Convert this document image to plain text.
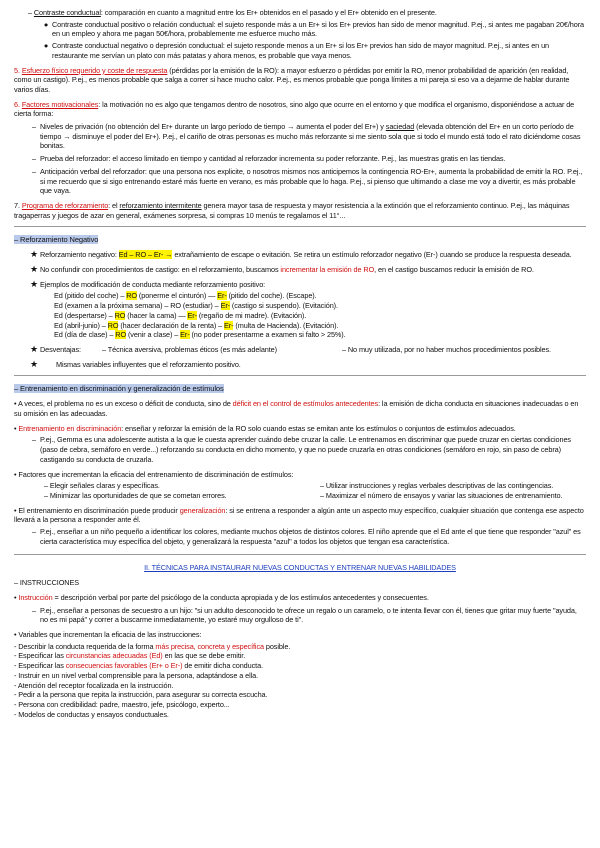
– Contraste conductual: comparación en cuanto a magnitud entre los Er+ obtenidos en el pasado y el Er+ obtenido en el presente.

● Contraste conductual positivo o relación conductual: el sujeto responde más a un Er+ si los Er+ previos han sido de menor magnitud. P.ej., si antes me pagaban 20€/hora en un empleo y ahora me pagan 50€/hora, probablemente me esfuerce mucho más.
● Contraste conductual negativo o depresión conductual: el sujeto responde menos a un Er+ si los Er+ previos han sido de mayor magnitud. P.ej., si antes en un restaurante me servían un plato con más patatas y ahora menos, es probable que vaya menos.

5. Esfuerzo físico requerido y coste de respuesta (pérdidas por la emisión de la RO): a mayor esfuerzo o pérdidas por emitir la RO, menor probabilidad de aparición (en realidad, como un castigo). P.ej., es menos probable que salga a correr si hace mucho calor. P.ej., es menos probable que ponga límites a mi pareja si eso va a dejarme de hablar durante varios días.

6. Factores motivacionales: la motivación no es algo que tengamos dentro de nosotros, sino algo que ocurre en el entorno y que modifica el organismo, disponiéndose a actuar de cierta forma:

– Niveles de privación (no obtención del Er+ durante un largo período de tiempo → aumenta el poder del Er+) y saciedad (elevada obtención del Er+ en un corto período de tiempo → disminuye el poder del Er+). P.ej., el cariño de otras personas es mucho más reforzante si me siento sola que si todo el mundo está todo el rato diciéndome cosas bonitas.
– Prueba del reforzador: el acceso limitado en tiempo y cantidad al reforzador incrementa su poder reforzante. P.ej., las muestras gratis en las tiendas.
– Anticipación verbal del reforzador: que una persona nos explicite, o nosotros mismos nos anticipemos la contingencia RO-Er+, aumenta la probabilidad de emitir la RO. P.ej., si me recuerdo que si sigo entrenando estaré más fuerte en verano, es más probable que lo haga. P.ej., si pienso que ultimando a clase me voy a divertir, es más probable que vaya.

7. Programa de reforzamiento: el reforzamiento intermitente genera mayor tasa de respuesta y mayor resistencia a la extinción que el reforzamiento continuo. P.ej., las máquinas tragaperras y juegos de azar en general, exámenes sorpresa, si compras 10 menús te regalamos el 11°...

– Reforzamiento Negativo

★ Reforzamiento negativo: Ed – RO – Er- → extrañamiento de escape o evitación. Se retira un estímulo reforzador negativo (Er-) cuando se produce la respuesta deseada.
★ No confundir con procedimientos de castigo: en el reforzamiento, buscamos incrementar la emisión de RO, en el castigo buscamos reducir la emisión de RO.
★ Ejemplos de modificación de conducta mediante reforzamiento positivo:

Ed (pitido del coche) – RO (ponerme el cinturón) — Er- (pitido del coche). (Escape).

Ed (examen a la próxima semana) – RO (estudiar) – Er- (castigo si suspendo). (Evitación).

Ed (despertarse) – RO (hacer la cama) — Er- (regaño de mi madre). (Evitación).

Ed (abril-junio) – RO (hacer declaración de la renta) – Er- (multa de Hacienda). (Evitación).

Ed (día de clase) – RO (venir a clase) – Er- (no poder presentarme a examen si falto > 25%).

★ Desventajas:	– Técnica aversiva, problemas éticos (es más adelante)	– No muy utilizada, por no haber muchos procedimientos posibles.
★	Mismas variables influyentes que el reforzamiento positivo.

– Entrenamiento en discriminación y generalización de estímulos

• A veces, el problema no es un exceso o déficit de conducta, sino de déficit en el control de estímulos antecedentes: la emisión de dicha conducta en situaciones inadecuadas o en su omisión en las adecuadas.

• Entrenamiento en discriminación: enseñar y reforzar la emisión de la RO solo cuando estas se emitan ante los estímulos o conjuntos de estímulos adecuados.

– P.ej., Gemma es una adolescente autista a la que le cuesta aprender cuándo debe cruzar la calle. Le entrenamos en discriminar que puede cruzar en ciertas condiciones (paso de cebra, semáforo en verde...) reforzando su conducta en dicho momento, y que no puede cruzarla en otras condiciones (semáforo en rojo, sin paso de cebra) castigando su conducta de cruzarla.

• Factores que incrementan la eficacia del entrenamiento de discriminación de estímulos:

– Elegir señales claras y específicas.	– Utilizar instrucciones y reglas verbales descriptivas de las contingencias.
– Minimizar las oportunidades de que se cometan errores.	– Maximizar el número de ensayos y variar las situaciones de entrenamiento.

• El entrenamiento en discriminación puede producir generalización: si se entrena a responder a algún ante un aspecto muy específico, cualquier situación que contenga ese aspecto llevará a la persona a responder ante él.

– P.ej., enseñar a un niño pequeño a identificar los colores, mediante muchos objetos de distintos colores. El niño aprende que el Ed ante el que tiene que responder "azul" es cierta característica muy específica del objeto, y generalizará la respuesta "azul" a todos los objetos que tengan esa característica.

II. TÉCNICAS PARA INSTAURAR NUEVAS CONDUCTAS Y ENTRENAR NUEVAS HABILIDADES

– INSTRUCCIONES

• Instrucción = descripción verbal por parte del psicólogo de la conducta apropiada y de los estímulos antecedentes y consecuentes.

– P.ej., enseñar a personas de secuestro a un hijo: "si un adulto desconocido te ofrece un regalo o un caramelo, o te intenta llevar con él, tienes que gritar muy fuerte "ayuda, no es mi papá" y correr a buscarme inmediatamente, yo estaré muy orgulloso de ti".

• Variables que incrementan la eficacia de las instrucciones:

- Describir la conducta requerida de la forma más precisa, concreta y específica posible.
- Especificar las circunstancias adecuadas (Ed) en las que se debe emitir.
- Especificar las consecuencias favorables (Er+ o Er-) de emitir dicha conducta.
- Instruir en un nivel verbal comprensible para la persona, adaptándose a ella.
- Atención del receptor focalizada en la instrucción.
- Pedir a la persona que repita la instrucción, para asegurar su correcta escucha.
- Persona con credibilidad: padre, maestro, jefe, psicólogo, experto...
- Modelos de conductas y ensayos conductuales.
